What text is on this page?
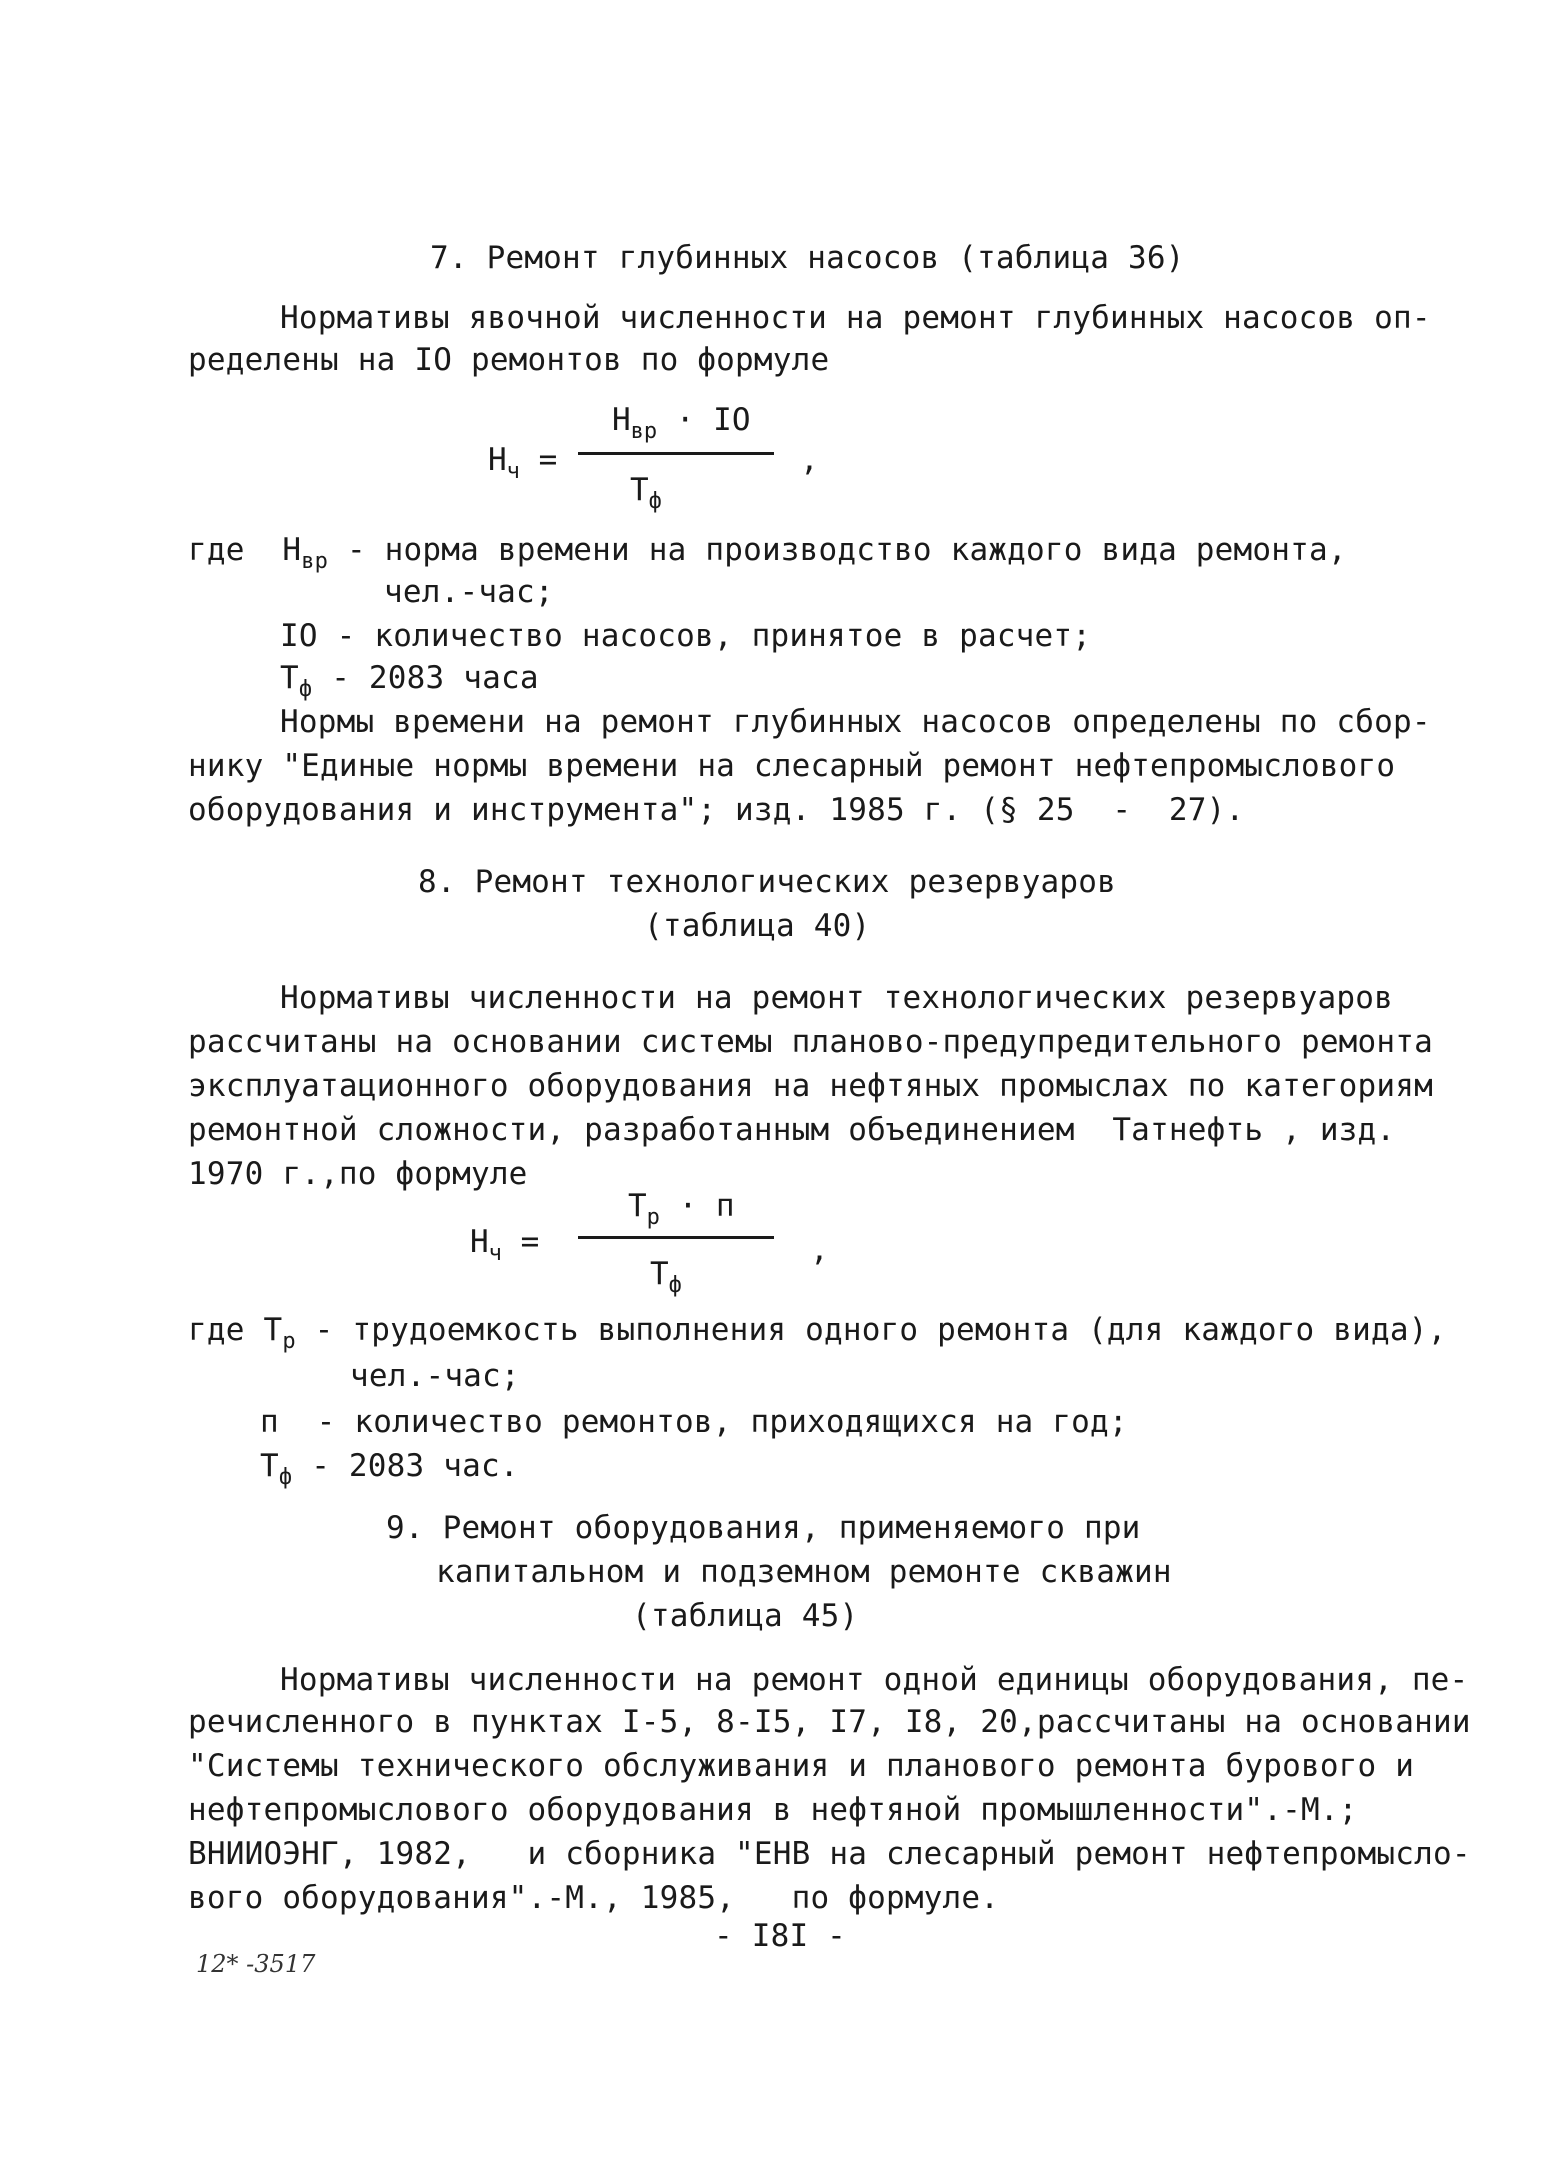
7. Ремонт глубинных насосов (таблица 36)
Нормативы явочной численности на ремонт глубинных насосов оп-
ределены на IO ремонтов по формуле
$Н_ч$ =
$Н_{вр}$ · IO
$Т_ф$
,
где  $Н_{вр}$ - норма времени на производство каждого вида ремонта,
чел.-час;
IO - количество насосов, принятое в расчет;
$Т_ф - 2083$ часа
Нормы времени на ремонт глубинных насосов определены по сбор-
нику "Единые нормы времени на слесарный ремонт нефтепромыслового
оборудования и инструмента"; изд. 1985 г. (§ 25  -  27).
8. Ремонт технологических резервуаров
(таблица 40)
Нормативы численности на ремонт технологических резервуаров
рассчитаны на основании системы планово-предупредительного ремонта
эксплуатационного оборудования на нефтяных промыслах по категориям
ремонтной сложности, разработанным объединением  Татнефть , изд.
1970 г.,по формуле
$Н_ч$ =
$Т_р \cdot п$
$Т_ф$
,
где $Т_р$ - трудоемкость выполнения одного ремонта (для каждого вида),
чел.-час;
п  - количество ремонтов, приходящихся на год;
$Т_ф - 2083$ час.
9. Ремонт оборудования, применяемого при
капитальном и подземном ремонте скважин
(таблица 45)
Нормативы численности на ремонт одной единицы оборудования, пе-
речисленного в пунктах I-5, 8-I5, I7, I8, 20,рассчитаны на основании
"Системы технического обслуживания и планового ремонта бурового и
нефтепромыслового оборудования в нефтяной промышленности".-М.;
ВНИИОЭНГ, 1982,   и сборника "ЕНВ на слесарный ремонт нефтепромысло-
вого оборудования".-М., 1985,   по формуле.
- I8I -
12* -3517
